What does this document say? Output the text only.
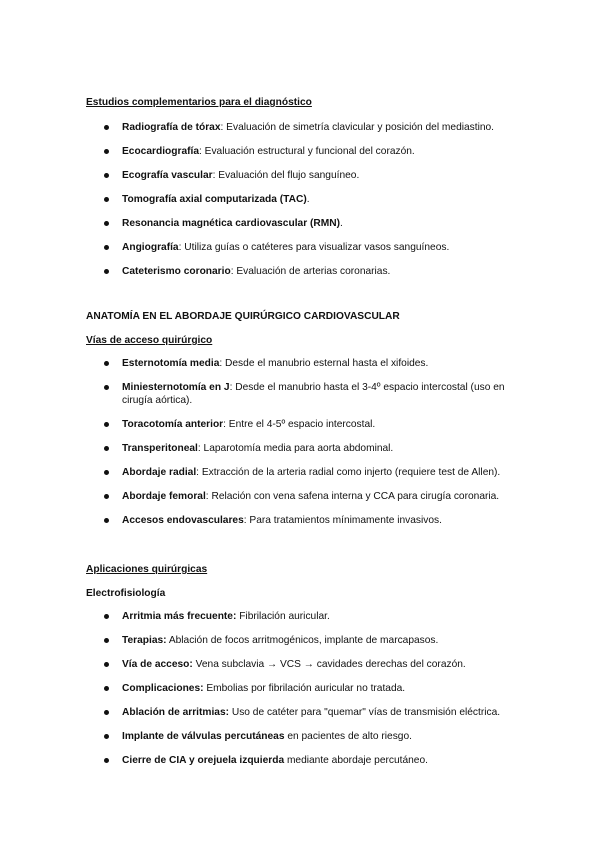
Estudios complementarios para el diagnóstico
Radiografía de tórax: Evaluación de simetría clavicular y posición del mediastino.
Ecocardiografía: Evaluación estructural y funcional del corazón.
Ecografía vascular: Evaluación del flujo sanguíneo.
Tomografía axial computarizada (TAC).
Resonancia magnética cardiovascular (RMN).
Angiografía: Utiliza guías o catéteres para visualizar vasos sanguíneos.
Cateterismo coronario: Evaluación de arterias coronarias.
ANATOMÍA EN EL ABORDAJE QUIRÚRGICO CARDIOVASCULAR
Vías de acceso quirúrgico
Esternotomía media: Desde el manubrio esternal hasta el xifoides.
Miniesternotomía en J: Desde el manubrio hasta el 3-4º espacio intercostal (uso en cirugía aórtica).
Toracotomía anterior: Entre el 4-5º espacio intercostal.
Transperitoneal: Laparotomía media para aorta abdominal.
Abordaje radial: Extracción de la arteria radial como injerto (requiere test de Allen).
Abordaje femoral: Relación con vena safena interna y CCA para cirugía coronaria.
Accesos endovasculares: Para tratamientos mínimamente invasivos.
Aplicaciones quirúrgicas
Electrofisiología
Arritmia más frecuente: Fibrilación auricular.
Terapias: Ablación de focos arritmogénicos, implante de marcapasos.
Vía de acceso: Vena subclavia → VCS → cavidades derechas del corazón.
Complicaciones: Embolias por fibrilación auricular no tratada.
Ablación de arritmias: Uso de catéter para "quemar" vías de transmisión eléctrica.
Implante de válvulas percutáneas en pacientes de alto riesgo.
Cierre de CIA y orejuela izquierda mediante abordaje percutáneo.
